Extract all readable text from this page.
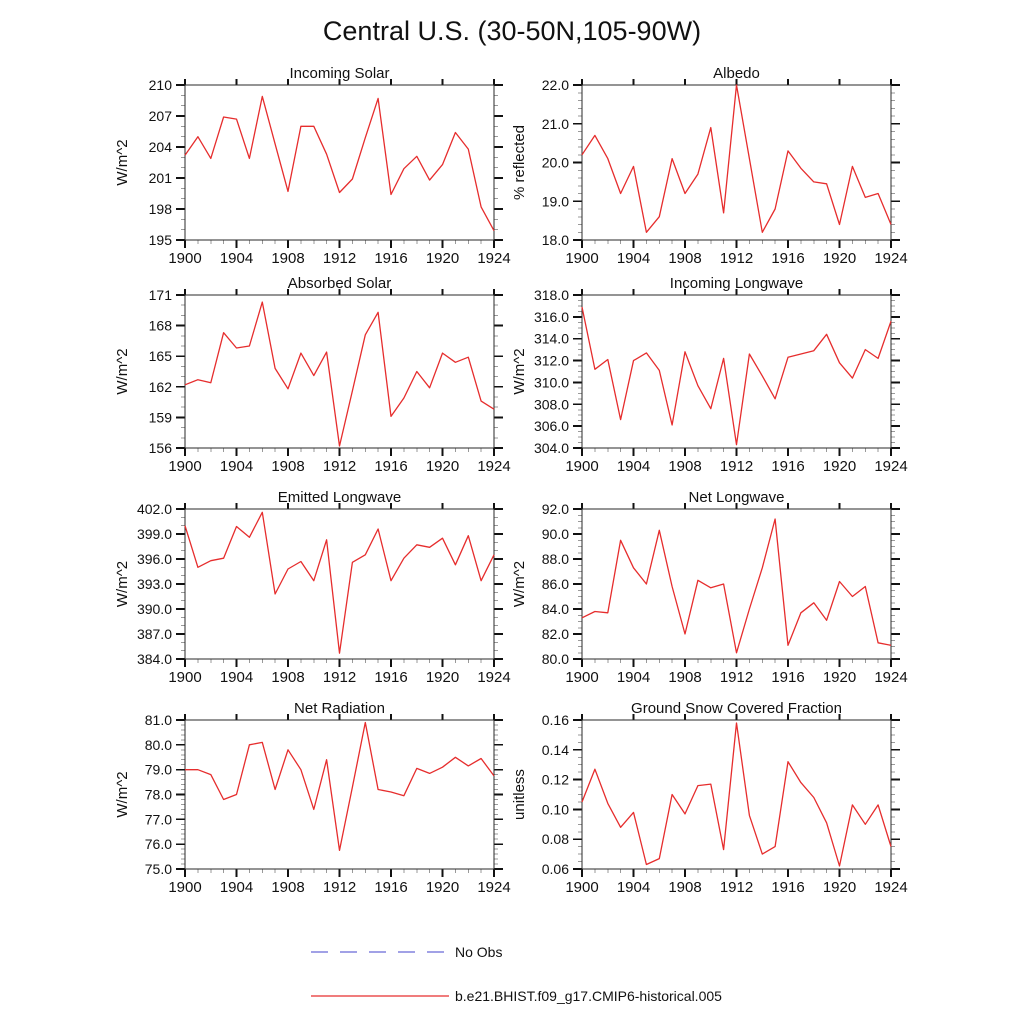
Central U.S. (30-50N,105-90W)
195
198
201
204
207
210
1900 1904 1908 1912 1916 1920 1924
Incoming Solar
W/m^2
18.0
19.0
20.0
21.0
22.0
1900 1904 1908 1912 1916 1920 1924
Albedo
% reflected
156
159
162
165
168
171
1900 1904 1908 1912 1916 1920 1924
Absorbed Solar
W/m^2
304.0
306.0
308.0
310.0
312.0
314.0
316.0
318.0
1900 1904 1908 1912 1916 1920 1924
Incoming Longwave
W/m^2
384.0
387.0
390.0
393.0
396.0
399.0
402.0
1900 1904 1908 1912 1916 1920 1924
Emitted Longwave
W/m^2
80.0
82.0
84.0
86.0
88.0
90.0
92.0
1900 1904 1908 1912 1916 1920 1924
Net Longwave
W/m^2
75.0
76.0
77.0
78.0
79.0
80.0
81.0
1900 1904 1908 1912 1916 1920 1924
Net Radiation
W/m^2
0.06
0.08
0.10
0.12
0.14
0.16
1900 1904 1908 1912 1916 1920 1924
Ground Snow Covered Fraction
unitless
No Obs
b.e21.BHIST.f09_g17.CMIP6-historical.005
